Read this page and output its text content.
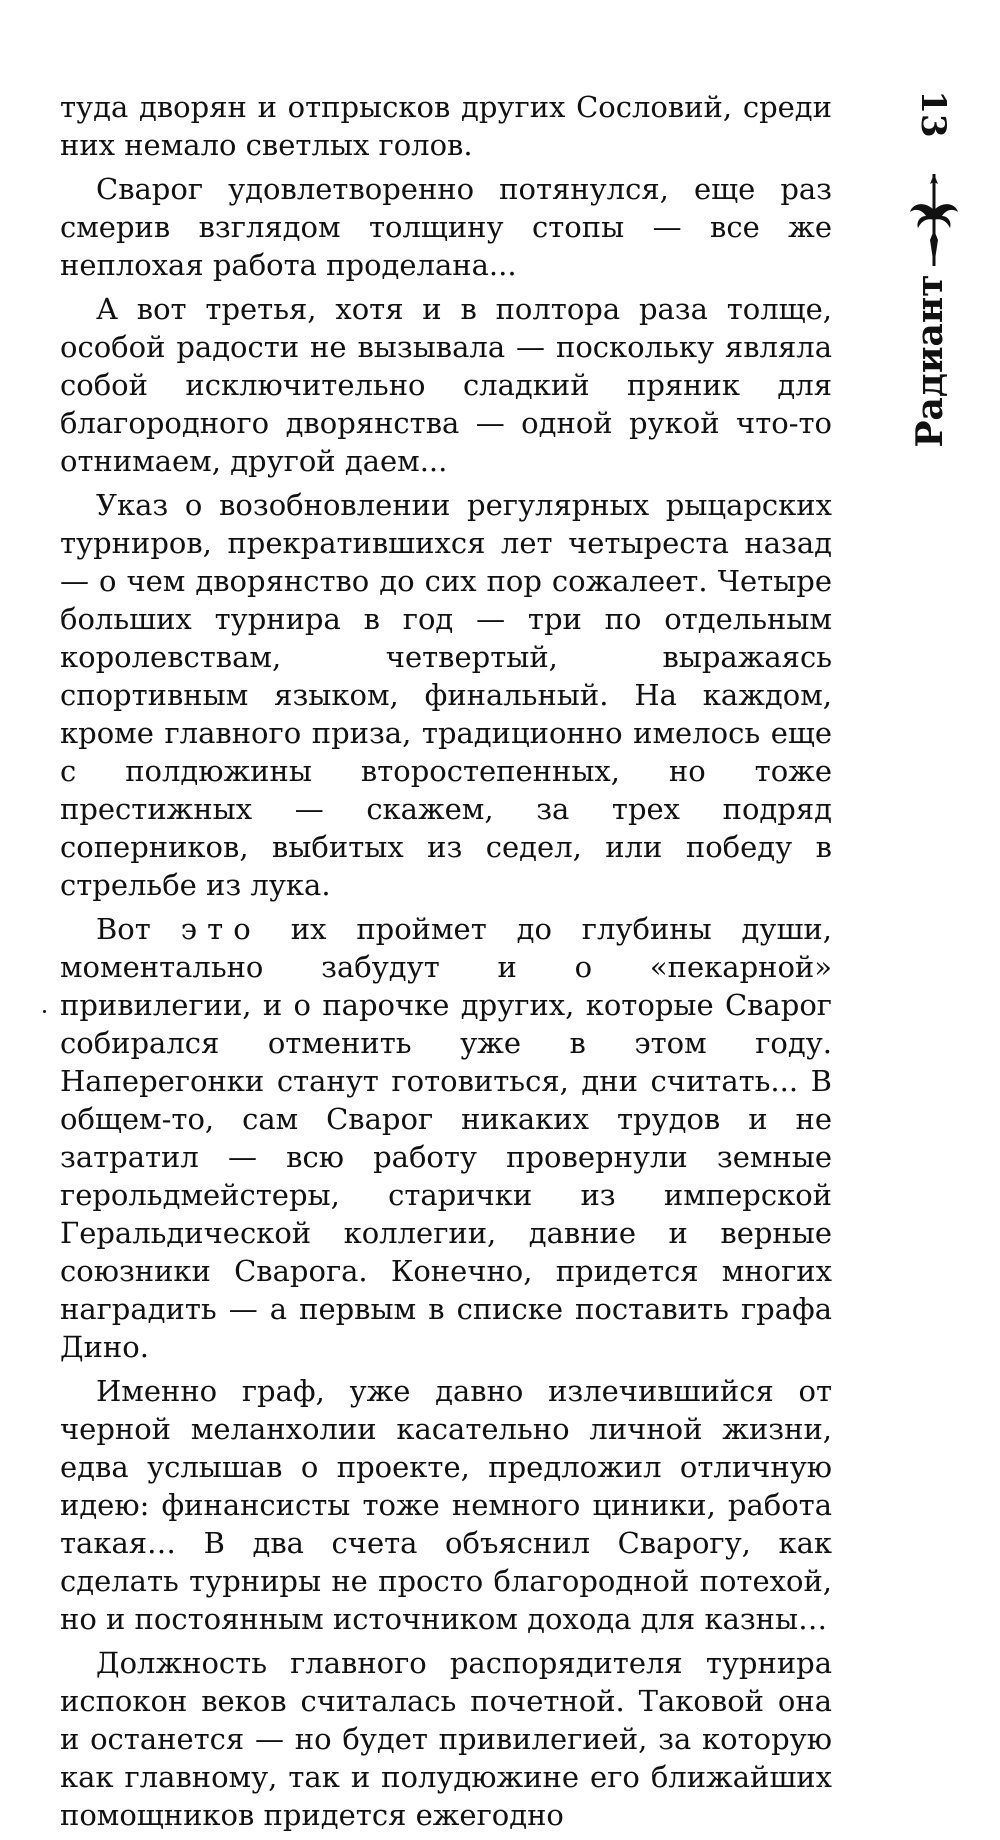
туда дворян и отпрысков других Сословий, среди них немало светлых голов.

Сварог удовлетворенно потянулся, еще раз смерив взглядом толщину стопы — все же неплохая работа проделана...

А вот третья, хотя и в полтора раза толще, особой радости не вызывала — поскольку являла собой исключительно сладкий пряник для благородного дворянства — одной рукой что-то отнимаем, другой даем...

Указ о возобновлении регулярных рыцарских турниров, прекратившихся лет четыреста назад — о чем дворянство до сих пор сожалеет. Четыре больших турнира в год — три по отдельным королевствам, четвертый, выражаясь спортивным языком, финальный. На каждом, кроме главного приза, традиционно имелось еще с полдюжины второстепенных, но тоже престижных — скажем, за трех подряд соперников, выбитых из седел, или победу в стрельбе из лука.

Вот это их проймет до глубины души, моментально забудут и о «пекарной» привилегии, и о парочке других, которые Сварог собирался отменить уже в этом году. Наперегонки станут готовиться, дни считать... В общем-то, сам Сварог никаких трудов и не затратил — всю работу провернули земные герольдмейстеры, старички из имперской Геральдической коллегии, давние и верные союзники Сварога. Конечно, придется многих наградить — а первым в списке поставить графа Дино.

Именно граф, уже давно излечившийся от черной меланхолии касательно личной жизни, едва услышав о проекте, предложил отличную идею: финансисты тоже немного циники, работа такая… В два счета объяснил Сварогу, как сделать турниры не просто благородной потехой, но и постоянным источником дохода для казны…

Должность главного распорядителя турнира испокон веков считалась почетной. Таковой она и останется — но будет привилегией, за которую как главному, так и полудюжине его ближайших помощников придется ежегодно

13
Радиант
